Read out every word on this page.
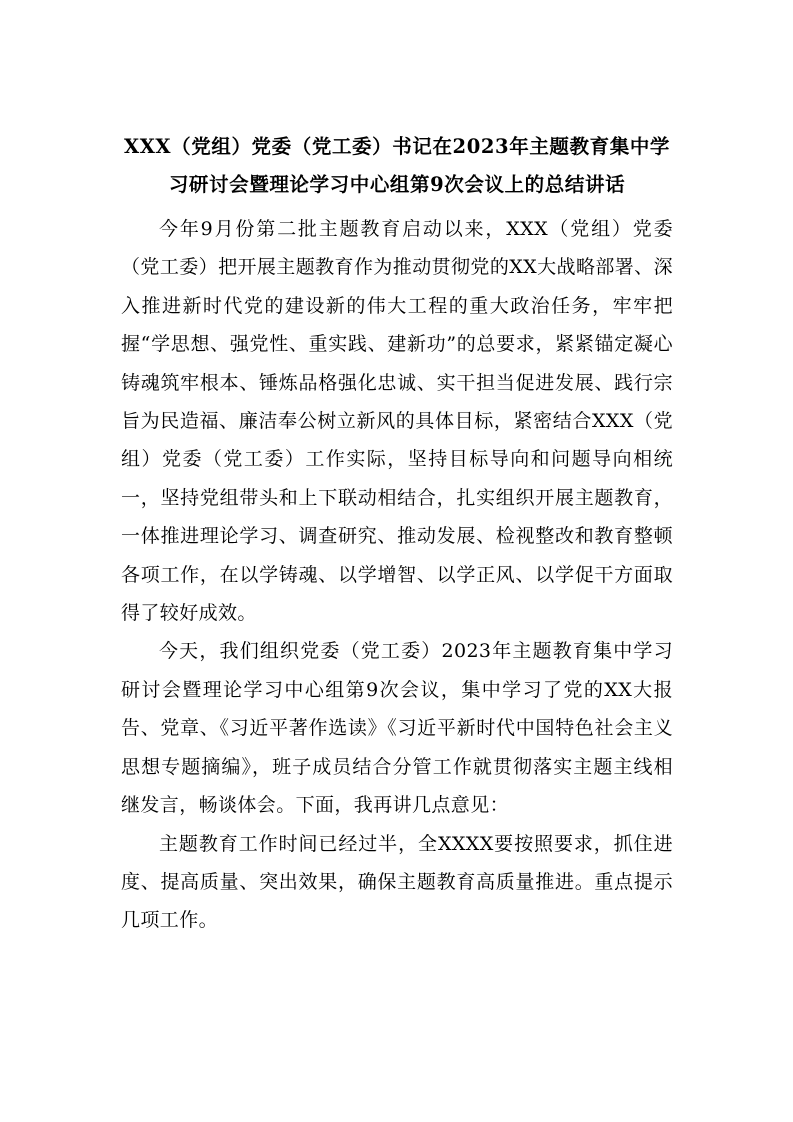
XXX（党组）党委（党工委）书记在2023年主题教育集中学
习研讨会暨理论学习中心组第9次会议上的总结讲话

今年9月份第二批主题教育启动以来，XXX（党组）党委（党工委）把开展主题教育作为推动贯彻党的XX大战略部署、深入推进新时代党的建设新的伟大工程的重大政治任务，牢牢把握“学思想、强党性、重实践、建新功”的总要求，紧紧锚定凝心铸魂筑牢根本、锤炼品格强化忠诚、实干担当促进发展、践行宗旨为民造福、廉洁奉公树立新风的具体目标，紧密结合XXX（党组）党委（党工委）工作实际，坚持目标导向和问题导向相统一，坚持党组带头和上下联动相结合，扎实组织开展主题教育，一体推进理论学习、调查研究、推动发展、检视整改和教育整顿各项工作，在以学铸魂、以学增智、以学正风、以学促干方面取得了较好成效。

今天，我们组织党委（党工委）2023年主题教育集中学习研讨会暨理论学习中心组第9次会议，集中学习了党的XX大报告、党章、《习近平著作选读》《习近平新时代中国特色社会主义思想专题摘编》，班子成员结合分管工作就贯彻落实主题主线相继发言，畅谈体会。下面，我再讲几点意见：

主题教育工作时间已经过半，全XXXX要按照要求，抓住进度、提高质量、突出效果，确保主题教育高质量推进。重点提示几项工作。
